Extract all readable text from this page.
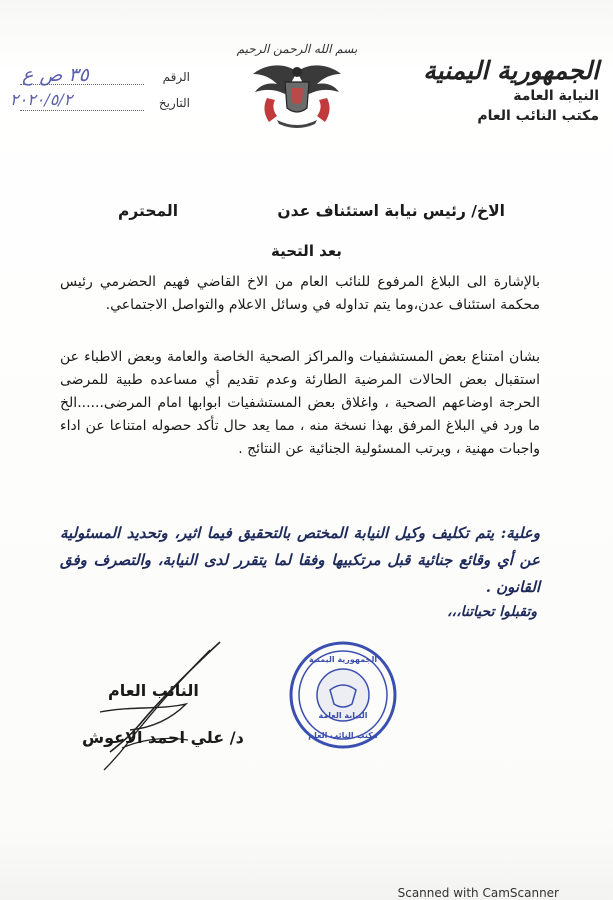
الجمهورية اليمنية
النيابة العامة
مكتب النائب العام
بسم الله الرحمن الرحيم
الرقم
٣٥ ص ع
التاريخ
٢٠٢٠/٥/٢
الاخ/ رئيس نيابة استئناف عدن
المحترم
بعد التحية
بالإشارة الى البلاغ المرفوع للنائب العام من الاخ القاضي فهيم الحضرمي رئيس محكمة استئناف عدن،وما يتم تداوله في وسائل الاعلام والتواصل الاجتماعي.
بشان امتناع بعض المستشفيات والمراكز الصحية الخاصة والعامة وبعض الاطباء عن استقبال بعض الحالات المرضية الطارئة وعدم تقديم أي مساعده طبية للمرضى الحرجة اوضاعهم الصحية ، واغلاق بعض المستشفيات ابوابها امام المرضى......الخ ما ورد في البلاغ المرفق بهذا نسخة منه ، مما يعد حال تأكد حصوله امتناعا عن اداء واجبات مهنية ، ويرتب المسئولية الجنائية عن النتائج .
وعلية: يتم تكليف وكيل النيابة المختص بالتحقيق فيما اثير، وتحديد المسئولية عن أي وقائع جنائية قبل مرتكبيها وفقا لما يتقرر لدى النيابة، والتصرف وفق القانون .
وتقبلوا تحياتنا،،،
النائب العام
د/ علي احمد الاعوش
الجمهورية اليمنية
النيابة العامة
مكتب النائب العام
Scanned with CamScanner
